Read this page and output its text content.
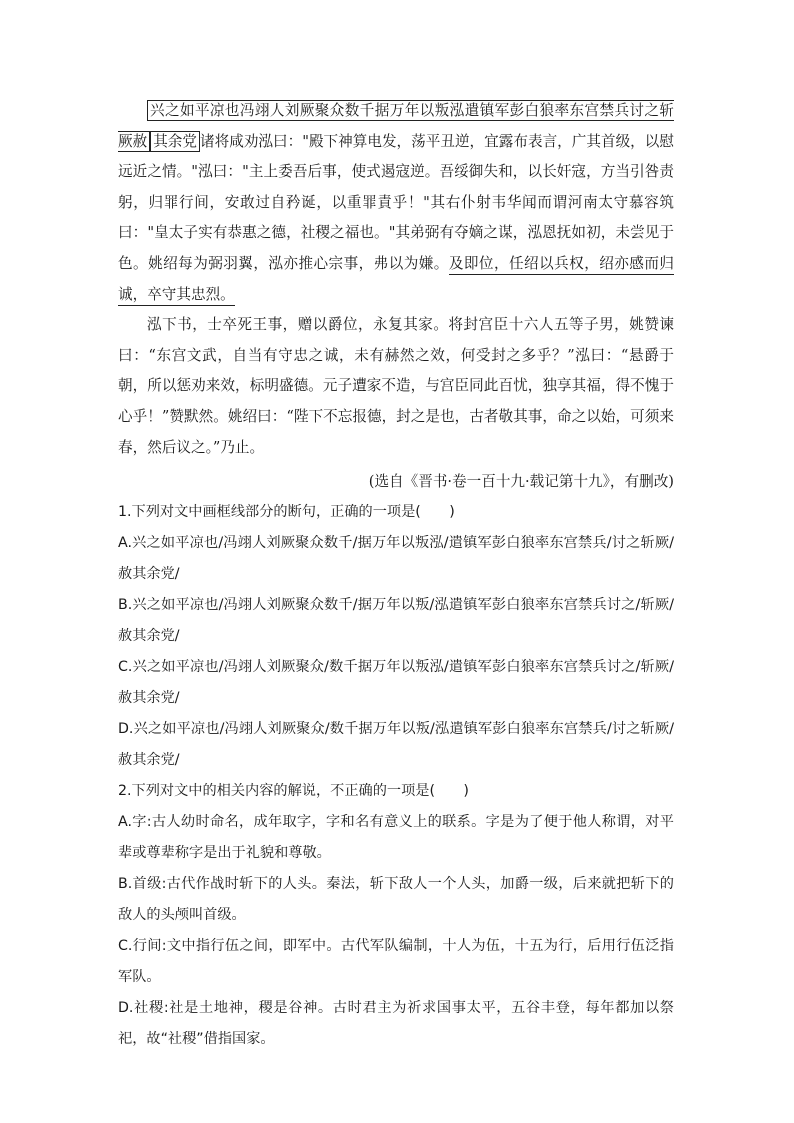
兴之如平凉也冯翊人刘厥聚众数千据万年以叛泓遣镇军彭白狼率东宫禁兵讨之斩厥赦 其余党 诸将咸劝泓曰："殿下神算电发，荡平丑逆，宜露布表言，广其首级，以慰远近之情。"泓曰："主上委吾后事，使式遏寇逆。吾绥御失和，以长奸寇，方当引咎责躬，归罪行间，安敢过自矜诞，以重罪責乎！"其右仆射韦华闻而谓河南太守慕容筑曰："皇太子实有恭惠之德，社稷之福也。"其弟弼有夺嫡之谋，泓恩抚如初，未尝见于色。姚绍每为弼羽翼，泓亦推心宗事，弗以为嫌。及即位，任绍以兵权，绍亦感而归诚，卒守其忠烈。

泓下书，士卒死王事，赠以爵位，永复其家。将封宫臣十六人五等子男，姚赞谏曰：“东宫文武，自当有守忠之诚，未有赫然之效，何受封之多乎？”泓曰：“悬爵于朝，所以惩劝来效，标明盛德。元子遭家不造，与宫臣同此百忧，独享其福，得不愧于心乎！”赞默然。姚绍曰：“陛下不忘报德，封之是也，古者敬其事，命之以始，可须来春，然后议之。”乃止。

(选自《晋书·卷一百十九·载记第十九》，有删改)

1.下列对文中画框线部分的断句，正确的一项是(　　)

A.兴之如平凉也/冯翊人刘厥聚众数千/据万年以叛泓/遣镇军彭白狼率东宫禁兵/讨之斩厥/赦其余党/

B.兴之如平凉也/冯翊人刘厥聚众数千/据万年以叛/泓遣镇军彭白狼率东宫禁兵讨之/斩厥/赦其余党/

C.兴之如平凉也/冯翊人刘厥聚众/数千据万年以叛泓/遣镇军彭白狼率东宫禁兵讨之/斩厥/赦其余党/

D.兴之如平凉也/冯翊人刘厥聚众/数千据万年以叛/泓遣镇军彭白狼率东宫禁兵/讨之斩厥/赦其余党/

2.下列对文中的相关内容的解说，不正确的一项是(　　)

A.字:古人幼时命名，成年取字，字和名有意义上的联系。字是为了便于他人称谓，对平辈或尊辈称字是出于礼貌和尊敬。

B.首级:古代作战时斩下的人头。秦法，斩下敌人一个人头，加爵一级，后来就把斩下的敌人的头颅叫首级。

C.行间:文中指行伍之间，即军中。古代军队编制，十人为伍，十五为行，后用行伍泛指军队。

D.社稷:社是土地神，稷是谷神。古时君主为祈求国事太平，五谷丰登，每年都加以祭祀，故“社稷”借指国家。
